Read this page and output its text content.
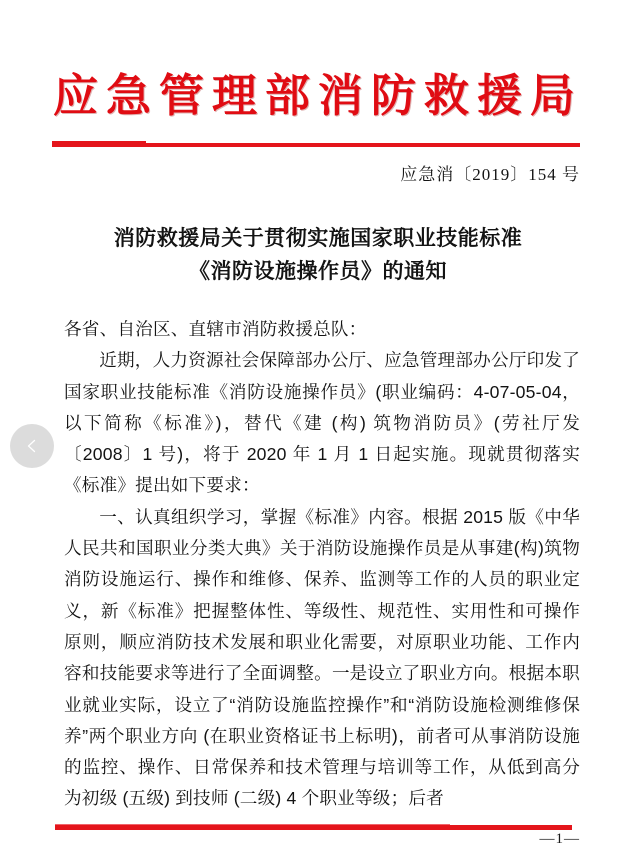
应急管理部消防救援局
应急消〔2019〕154 号
消防救援局关于贯彻实施国家职业技能标准
《消防设施操作员》的通知

各省、自治区、直辖市消防救援总队：

近期，人力资源社会保障部办公厅、应急管理部办公厅印发了国家职业技能标准《消防设施操作员》(职业编码：4-07-05-04，以下简称《标准》)，替代《建 (构) 筑物消防员》(劳社厅发〔2008〕1 号)，将于 2020 年 1 月 1 日起实施。现就贯彻落实《标准》提出如下要求：

一、认真组织学习，掌握《标准》内容。根据 2015 版《中华人民共和国职业分类大典》关于消防设施操作员是从事建(构)筑物消防设施运行、操作和维修、保养、监测等工作的人员的职业定义，新《标准》把握整体性、等级性、规范性、实用性和可操作原则，顺应消防技术发展和职业化需要，对原职业功能、工作内容和技能要求等进行了全面调整。一是设立了职业方向。根据本职业就业实际，设立了“消防设施监控操作”和“消防设施检测维修保养”两个职业方向 (在职业资格证书上标明)，前者可从事消防设施的监控、操作、日常保养和技术管理与培训等工作，从低到高分为初级 (五级) 到技师 (二级) 4 个职业等级；后者

—1—
